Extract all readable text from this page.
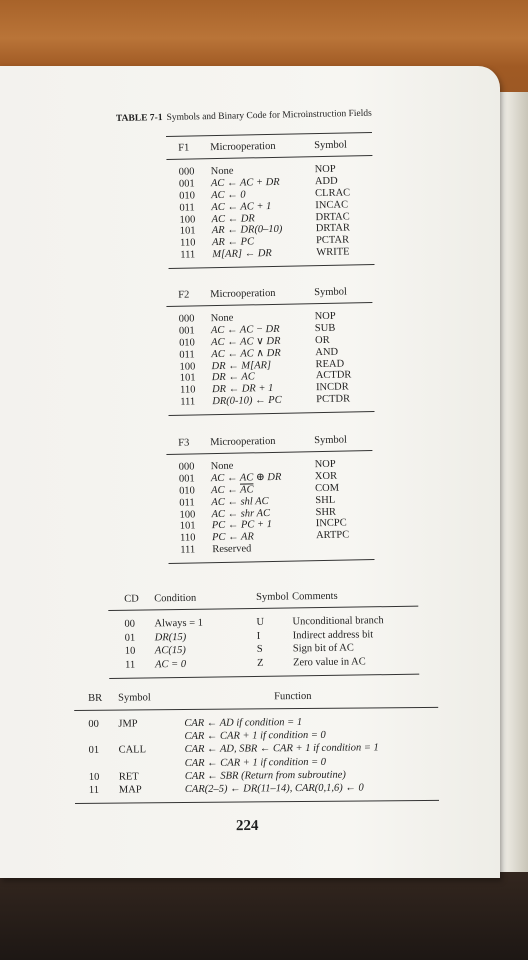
TABLE 7-1 Symbols and Binary Code for Microinstruction Fields
F1	Microoperation	Symbol
000	None	NOP
001	AC ← AC + DR	ADD
010	AC ← 0	CLRAC
011	AC ← AC + 1	INCAC
100	AC ← DR	DRTAC
101	AR ← DR(0–10)	DRTAR
110	AR ← PC	PCTAR
111	M[AR] ← DR	WRITE
F2	Microoperation	Symbol
000	None	NOP
001	AC ← AC − DR	SUB
010	AC ← AC ∨ DR	OR
011	AC ← AC ∧ DR	AND
100	DR ← M[AR]	READ
101	DR ← AC	ACTDR
110	DR ← DR + 1	INCDR
111	DR(0-10) ← PC	PCTDR
F3	Microoperation	Symbol
000	None	NOP
001	AC ← AC ⊕ DR	XOR
010	AC ← $\overline{AC}$	COM
011	AC ← shl AC	SHL
100	AC ← shr AC	SHR
101	PC ← PC + 1	INCPC
110	PC ← AR	ARTPC
111	Reserved
CD	Condition	Symbol Comments
00	Always = 1	U	Unconditional branch
01	DR(15)	I	Indirect address bit
10	AC(15)	S	Sign bit of AC
11	AC = 0	Z	Zero value in AC
BR	Symbol	Function
00	JMP	CAR ← AD if condition = 1
CAR ← CAR + 1 if condition = 0
01	CALL	CAR ← AD, SBR ← CAR + 1 if condition = 1
CAR ← CAR + 1 if condition = 0
10	RET	CAR ← SBR (Return from subroutine)
11	MAP	CAR(2–5) ← DR(11–14), CAR(0,1,6) ← 0
224
